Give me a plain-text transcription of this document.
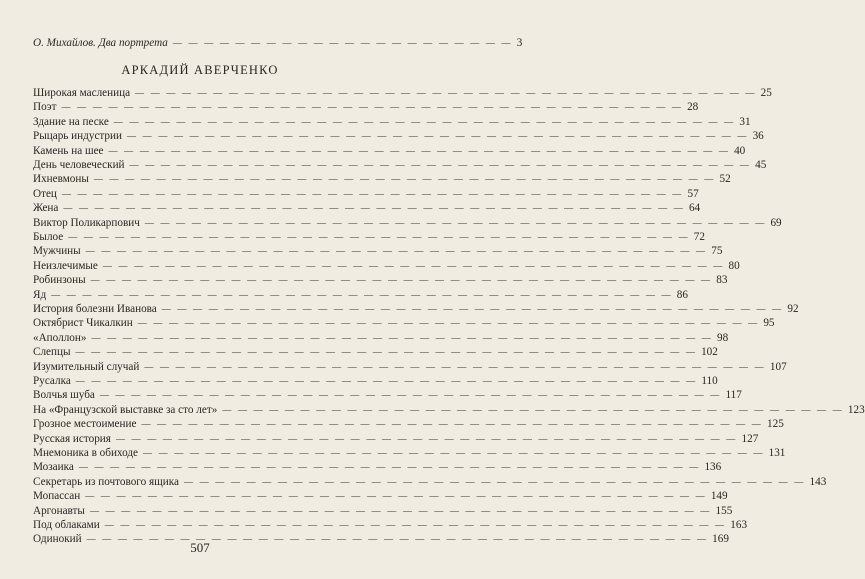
О. Михайлов. Два портрета — — — — — — — — — — — — — — — — — — — — — — 3
АРКАДИЙ АВЕРЧЕНКО
Широкая масленица — — — — — — — — — — — — — — — — — — — — — — — — — — — — — — — — — — — — — — — — 25
Поэт — — — — — — — — — — — — — — — — — — — — — — — — — — — — — — — — — — — — — — — — 28
Здание на песке — — — — — — — — — — — — — — — — — — — — — — — — — — — — — — — — — — — — — — — — 31
Рыцарь индустрии — — — — — — — — — — — — — — — — — — — — — — — — — — — — — — — — — — — — — — — — 36
Камень на шее — — — — — — — — — — — — — — — — — — — — — — — — — — — — — — — — — — — — — — — — 40
День человеческий — — — — — — — — — — — — — — — — — — — — — — — — — — — — — — — — — — — — — — — — 45
Ихневмоны — — — — — — — — — — — — — — — — — — — — — — — — — — — — — — — — — — — — — — — — 52
Отец — — — — — — — — — — — — — — — — — — — — — — — — — — — — — — — — — — — — — — — — 57
Жена — — — — — — — — — — — — — — — — — — — — — — — — — — — — — — — — — — — — — — — — 64
Виктор Поликарпович — — — — — — — — — — — — — — — — — — — — — — — — — — — — — — — — — — — — — — — — 69
Былое — — — — — — — — — — — — — — — — — — — — — — — — — — — — — — — — — — — — — — — — 72
Мужчины — — — — — — — — — — — — — — — — — — — — — — — — — — — — — — — — — — — — — — — — 75
Неизлечимые — — — — — — — — — — — — — — — — — — — — — — — — — — — — — — — — — — — — — — — — 80
Робинзоны — — — — — — — — — — — — — — — — — — — — — — — — — — — — — — — — — — — — — — — — 83
Яд — — — — — — — — — — — — — — — — — — — — — — — — — — — — — — — — — — — — — — — — 86
История болезни Иванова — — — — — — — — — — — — — — — — — — — — — — — — — — — — — — — — — — — — — — — — 92
Октябрист Чикалкин — — — — — — — — — — — — — — — — — — — — — — — — — — — — — — — — — — — — — — — — 95
«Аполлон» — — — — — — — — — — — — — — — — — — — — — — — — — — — — — — — — — — — — — — — — 98
Слепцы — — — — — — — — — — — — — — — — — — — — — — — — — — — — — — — — — — — — — — — — 102
Изумительный случай — — — — — — — — — — — — — — — — — — — — — — — — — — — — — — — — — — — — — — — — 107
Русалка — — — — — — — — — — — — — — — — — — — — — — — — — — — — — — — — — — — — — — — — 110
Волчья шуба — — — — — — — — — — — — — — — — — — — — — — — — — — — — — — — — — — — — — — — — 117
На «Французской выставке за сто лет» — — — — — — — — — — — — — — — — — — — — — — — — — — — — — — — — — — — — — — — — 123
Грозное местоимение — — — — — — — — — — — — — — — — — — — — — — — — — — — — — — — — — — — — — — — — 125
Русская история — — — — — — — — — — — — — — — — — — — — — — — — — — — — — — — — — — — — — — — — 127
Мнемоника в обиходе — — — — — — — — — — — — — — — — — — — — — — — — — — — — — — — — — — — — — — — — 131
Мозаика — — — — — — — — — — — — — — — — — — — — — — — — — — — — — — — — — — — — — — — — 136
Секретарь из почтового ящика — — — — — — — — — — — — — — — — — — — — — — — — — — — — — — — — — — — — — — — — 143
Мопассан — — — — — — — — — — — — — — — — — — — — — — — — — — — — — — — — — — — — — — — — 149
Аргонавты — — — — — — — — — — — — — — — — — — — — — — — — — — — — — — — — — — — — — — — — 155
Под облаками — — — — — — — — — — — — — — — — — — — — — — — — — — — — — — — — — — — — — — — — 163
Одинокий — — — — — — — — — — — — — — — — — — — — — — — — — — — — — — — — — — — — — — — — 169
507
